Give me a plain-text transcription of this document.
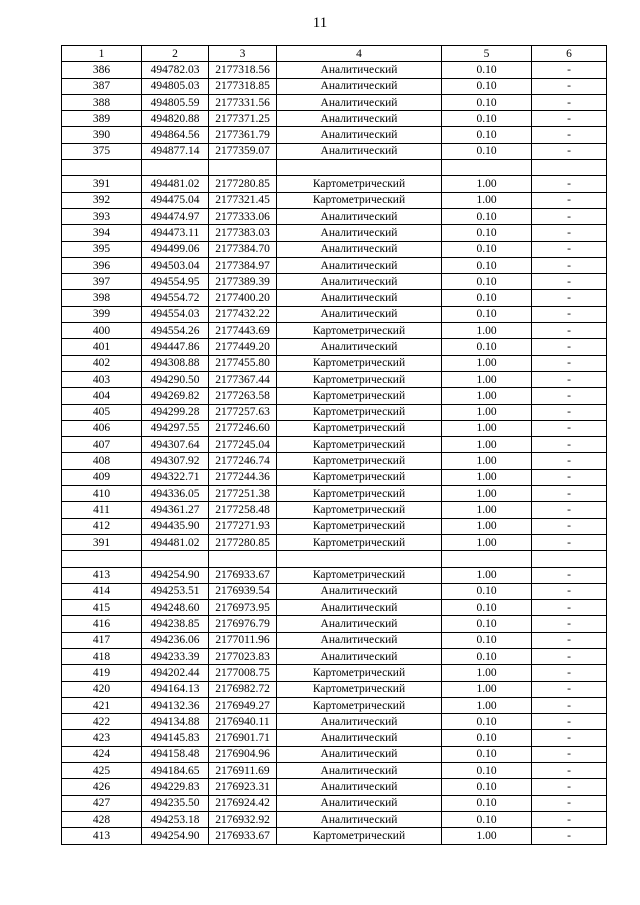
11
1	2	3	4	5	6
386	494782.03	2177318.56	Аналитический	0.10	-
387	494805.03	2177318.85	Аналитический	0.10	-
388	494805.59	2177331.56	Аналитический	0.10	-
389	494820.88	2177371.25	Аналитический	0.10	-
390	494864.56	2177361.79	Аналитический	0.10	-
375	494877.14	2177359.07	Аналитический	0.10	-

391	494481.02	2177280.85	Картометрический	1.00	-
392	494475.04	2177321.45	Картометрический	1.00	-
393	494474.97	2177333.06	Аналитический	0.10	-
394	494473.11	2177383.03	Аналитический	0.10	-
395	494499.06	2177384.70	Аналитический	0.10	-
396	494503.04	2177384.97	Аналитический	0.10	-
397	494554.95	2177389.39	Аналитический	0.10	-
398	494554.72	2177400.20	Аналитический	0.10	-
399	494554.03	2177432.22	Аналитический	0.10	-
400	494554.26	2177443.69	Картометрический	1.00	-
401	494447.86	2177449.20	Аналитический	0.10	-
402	494308.88	2177455.80	Картометрический	1.00	-
403	494290.50	2177367.44	Картометрический	1.00	-
404	494269.82	2177263.58	Картометрический	1.00	-
405	494299.28	2177257.63	Картометрический	1.00	-
406	494297.55	2177246.60	Картометрический	1.00	-
407	494307.64	2177245.04	Картометрический	1.00	-
408	494307.92	2177246.74	Картометрический	1.00	-
409	494322.71	2177244.36	Картометрический	1.00	-
410	494336.05	2177251.38	Картометрический	1.00	-
411	494361.27	2177258.48	Картометрический	1.00	-
412	494435.90	2177271.93	Картометрический	1.00	-
391	494481.02	2177280.85	Картометрический	1.00	-

413	494254.90	2176933.67	Картометрический	1.00	-
414	494253.51	2176939.54	Аналитический	0.10	-
415	494248.60	2176973.95	Аналитический	0.10	-
416	494238.85	2176976.79	Аналитический	0.10	-
417	494236.06	2177011.96	Аналитический	0.10	-
418	494233.39	2177023.83	Аналитический	0.10	-
419	494202.44	2177008.75	Картометрический	1.00	-
420	494164.13	2176982.72	Картометрический	1.00	-
421	494132.36	2176949.27	Картометрический	1.00	-
422	494134.88	2176940.11	Аналитический	0.10	-
423	494145.83	2176901.71	Аналитический	0.10	-
424	494158.48	2176904.96	Аналитический	0.10	-
425	494184.65	2176911.69	Аналитический	0.10	-
426	494229.83	2176923.31	Аналитический	0.10	-
427	494235.50	2176924.42	Аналитический	0.10	-
428	494253.18	2176932.92	Аналитический	0.10	-
413	494254.90	2176933.67	Картометрический	1.00	-
